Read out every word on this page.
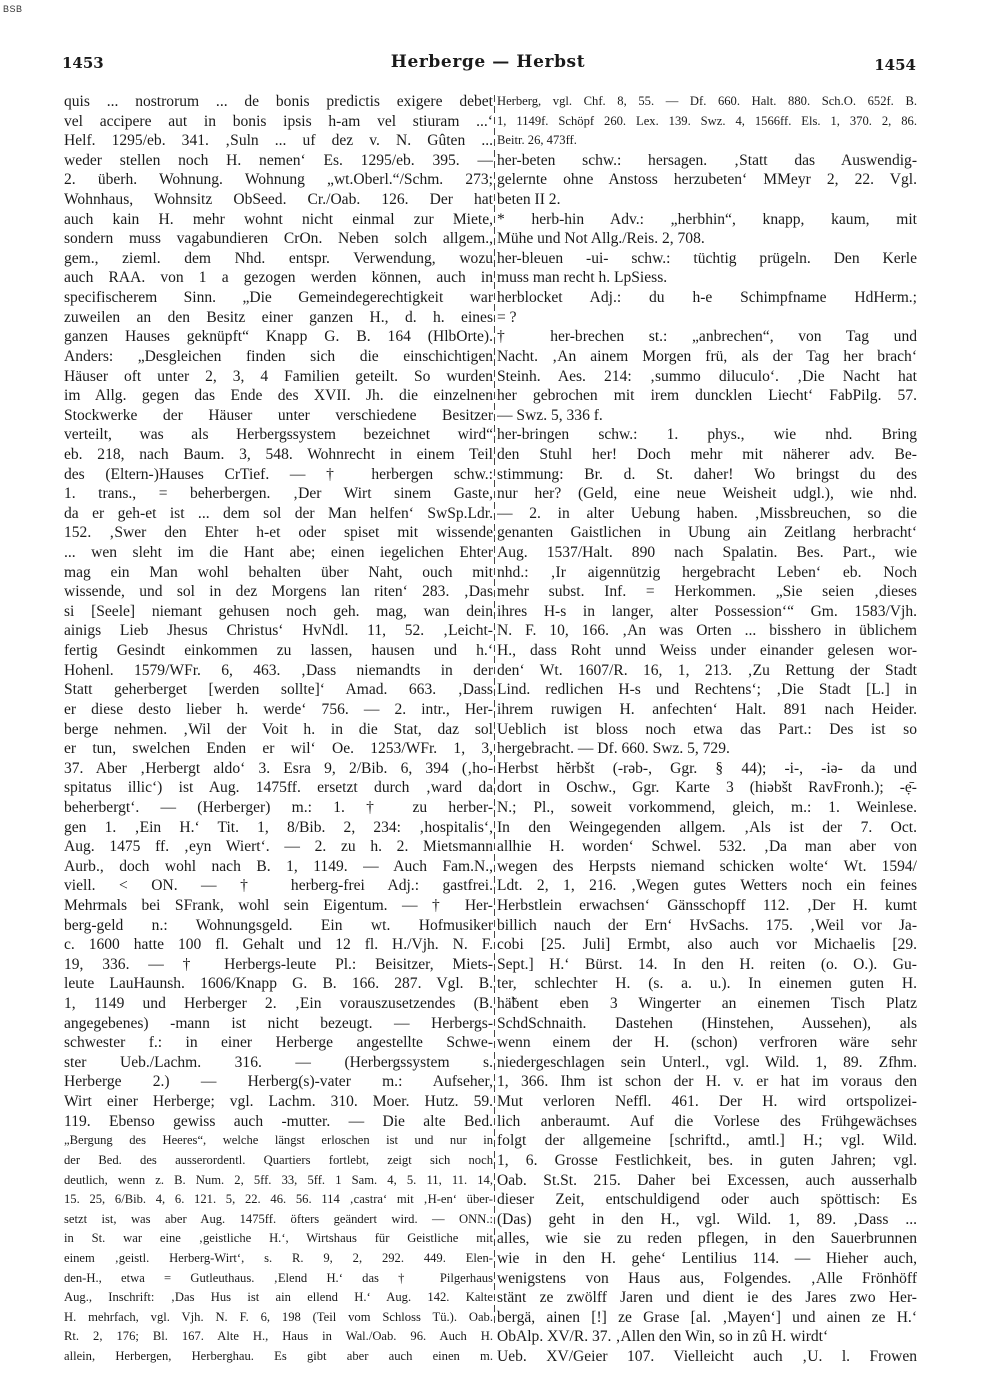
BSB
1453	Herberge — Herbst	1454
quis ... nostrorum ... de bonis predictis exigere debet
vel accipere aut in bonis ipsis h-am vel stiuram ...‘
Helf. 1295/eb. 341. ‚Suln ... uf dez v. N. Gûten ...
weder stellen noch H. nemen‘ Es. 1295/eb. 395. —
2. überh. Wohnung. Wohnung „wt.Oberl.“/Schm. 273;
Wohnhaus, Wohnsitz ObSeed. Cr./Oab. 126. Der hat
auch kain H. mehr wohnt nicht einmal zur Miete,
sondern muss vagabundieren CrOn. Neben solch allgem.,
gem., zieml. dem Nhd. entspr. Verwendung, wozu
auch RAA. von 1 a gezogen werden können, auch in
specifischerem Sinn. „Die Gemeindegerechtigkeit war
zuweilen an den Besitz einer ganzen H., d. h. eines
ganzen Hauses geknüpft“ Knapp G. B. 164 (HlbOrte).
Anders: „Desgleichen finden sich die einschichtigen
Häuser oft unter 2, 3, 4 Familien geteilt. So wurden
im Allg. gegen das Ende des XVII. Jh. die einzelnen
Stockwerke der Häuser unter verschiedene Besitzer
verteilt, was als Herbergssystem bezeichnet wird“
eb. 218, nach Baum. 3, 548. Wohnrecht in einem Teil
des (Eltern-)Hauses CrTief. — † herbergen schw.:
1. trans., = beherbergen. ‚Der Wirt sinem Gaste,
da er geh-et ist ... dem sol der Man helfen‘ SwSp.Ldr.
152. ‚Swer den Ehter h-et oder spiset mit wissende
... wen sleht im die Hant abe; einen iegelichen Ehter
mag ein Man wohl behalten über Naht, ouch mit
wissende, und sol in dez Morgens lan riten‘ 283. ‚Das
si [Seele] niemant gehusen noch geh. mag, wan dein
ainigs Lieb Jhesus Christus‘ HvNdl. 11, 52. ‚Leicht-
fertig Gesindt einkommen zu lassen, hausen und h.‘
Hohenl. 1579/WFr. 6, 463. ‚Dass niemandts in der
Statt geherberget [werden sollte]‘ Amad. 663. ‚Dass
er diese desto lieber h. werde‘ 756. — 2. intr., Her-
berge nehmen. ‚Wil der Voit h. in die Stat, daz sol
er tun, swelchen Enden er wil‘ Oe. 1253/WFr. 1, 3,
37. Aber ‚Herbergt aldo‘ 3. Esra 9, 2/Bib. 6, 394 (‚ho-
spitatus illic‘) ist Aug. 1475ff. ersetzt durch ‚ward da
beherbergt‘. — (Herberger) m.: 1. † zu herber-
gen 1. ‚Ein H.‘ Tit. 1, 8/Bib. 2, 234: ‚hospitalis‘,
Aug. 1475 ff. ‚eyn Wiert‘. — 2. zu h. 2. Mietsmann
Aurb., doch wohl nach B. 1, 1149. — Auch Fam.N.,
viell. < ON. — † herberg-frei Adj.: gastfrei.
Mehrmals bei SFrank, wohl sein Eigentum. — † Her-
berg-geld n.: Wohnungsgeld. Ein wt. Hofmusiker
c. 1600 hatte 100 fl. Gehalt und 12 fl. H./Vjh. N. F.
19, 336. — † Herbergs-leute Pl.: Beisitzer, Miets-
leute LauHaunsh. 1606/Knapp G. B. 166. 287. Vgl. B.
1, 1149 und Herberger 2. ‚Ein vorauszusetzendes (B.
angegebenes) -mann ist nicht bezeugt. — Herbergs-
schwester f.: in einer Herberge angestellte Schwe-
ster Ueb./Lachm. 316. — (Herbergssystem s.
Herberge 2.) — Herberg(s)-vater m.: Aufseher,
Wirt einer Herberge; vgl. Lachm. 310. Moer. Hutz. 59.
119. Ebenso gewiss auch -mutter. — Die alte Bed.
„Bergung des Heeres“, welche längst erloschen ist und nur in
der Bed. des ausserordentl. Quartiers fortlebt, zeigt sich noch
deutlich, wenn z. B. Num. 2, 5ff. 33, 5ff. 1 Sam. 4, 5. 11, 11. 14,
15. 25, 6/Bib. 4, 6. 121. 5, 22. 46. 56. 114 ‚castra‘ mit ‚H-en‘ über-
setzt ist, was aber Aug. 1475ff. öfters geändert wird. — ONN.:
in St. war eine ‚geistliche H.‘, Wirtshaus für Geistliche mit
einem ‚geistl. Herberg-Wirt‘, s. R. 9, 2, 292. 449. Elen-
den-H., etwa = Gutleuthaus. ‚Elend H.‘ das † Pilgerhaus
Aug., Inschrift: ‚Das Hus ist ain ellend H.‘ Aug. 142. Kalte
H. mehrfach, vgl. Vjh. N. F. 6, 198 (Teil vom Schloss Tü.). Oab.
Rt. 2, 176; Bl. 167. Alte H., Haus in Wal./Oab. 96. Auch H.
allein, Herbergen, Herberghau. Es gibt aber auch einen m.
Herberg, vgl. Chf. 8, 55. — Df. 660. Halt. 880. Sch.O. 652f. B.
1, 1149f. Schöpf 260. Lex. 139. Swz. 4, 1566ff. Els. 1, 370. 2, 86.
Beitr. 26, 473ff.
her-beten schw.: hersagen. ‚Statt das Auswendig-
gelernte ohne Anstoss herzubeten‘ MMeyr 2, 22. Vgl.
beten II 2.
* herb-hin Adv.: „herbhin“, knapp, kaum, mit
Mühe und Not Allg./Reis. 2, 708.
her-bleuen -ui- schw.: tüchtig prügeln. Den Kerle
muss man recht h. LpSiess.
herblocket Adj.: du h-e Schimpfname HdHerm.;
= ?
† her-brechen st.: „anbrechen“, von Tag und
Nacht. ‚An ainem Morgen frü, als der Tag her brach‘
Steinh. Aes. 214: ‚summo diluculo‘. ‚Die Nacht hat
her gebrochen mit irem duncklen Liecht‘ FabPilg. 57.
— Swz. 5, 336 f.
her-bringen schw.: 1. phys., wie nhd. Bring
den Stuhl her! Doch mehr mit näherer adv. Be-
stimmung: Br. d. St. daher! Wo bringst du des
nur her? (Geld, eine neue Weisheit udgl.), wie nhd.
— 2. in alter Uebung haben. ‚Missbreuchen, so die
genanten Gaistlichen in Ubung ain Zeitlang herbracht‘
Aug. 1537/Halt. 890 nach Spalatin. Bes. Part., wie
nhd.: ‚Ir aigennützig hergebracht Leben‘ eb. Noch
mehr subst. Inf. = Herkommen. „Sie seien ‚dieses
ihres H-s in langer, alter Possession‘“ Gm. 1583/Vjh.
N. F. 10, 166. ‚An was Orten ... bisshero in üblichem
H., dass Roht unnd Weiss under einander gelesen wor-
den‘ Wt. 1607/R. 16, 1, 213. ‚Zu Rettung der Stadt
Lind. redlichen H-s und Rechtens‘; ‚Die Stadt [L.] in
ihrem ruwigen H. anfechten‘ Halt. 891 nach Heider.
Ueblich ist bloss noch etwa das Part.: Des ist so
hergebracht. — Df. 660. Swz. 5, 729.
Herbst hĕrbšt (-rəb-, Ggr. § 44); -i-, -iə- da und
dort in Oschw., Ggr. Karte 3 (hiəbšt RavFronh.); -ẹ̄-
N.; Pl., soweit vorkommend, gleich, m.: 1. Weinlese.
In den Weingegenden allgem. ‚Als ist der 7. Oct.
allhie H. worden‘ Schwel. 532. ‚Da man aber von
wegen des Herpsts niemand schicken wolte‘ Wt. 1594/
Ldt. 2, 1, 216. ‚Wegen gutes Wetters noch ein feines
Herbstlein erwachsen‘ Gänsschopff 112. ‚Der H. kumt
billich nauch der Ern‘ HvSachs. 175. ‚Weil vor Ja-
cobi [25. Juli] Ermbt, also auch vor Michaelis [29.
Sept.] H.‘ Bürst. 14. In den H. reiten (o. O.). Gu-
ter, schlechter H. (s. a. u.). In einemen guten H.
hä̃bent eben 3 Wingerter an einemen Tisch Platz
SchdSchnaith. Dastehen (Hinstehen, Aussehen), als
wenn einem der H. (schon) verfroren wäre sehr
niedergeschlagen sein Unterl., vgl. Wild. 1, 89. Zfhm.
1, 366. Ihm ist schon der H. v. er hat im voraus den
Mut verloren Neffl. 461. Der H. wird ortspolizei-
lich anberaumt. Auf die Vorlese des Frühgewächses
folgt der allgemeine [schriftd., amtl.] H.; vgl. Wild.
1, 6. Grosse Festlichkeit, bes. in guten Jahren; vgl.
Oab. St.St. 215. Daher bei Excessen, auch ausserhalb
dieser Zeit, entschuldigend oder auch spöttisch: Es
(Das) geht in den H., vgl. Wild. 1, 89. ‚Dass ...
alles, wie sie zu reden pflegen, in den Sauerbrunnen
wie in den H. gehe‘ Lentilius 114. — Hieher auch,
wenigstens von Haus aus, Folgendes. ‚Alle Frönhöff
stänt ze zwölff Jaren und dient ie des Jares zwo Her-
bergä, ainen [!] ze Grase [al. ‚Mayen‘] und ainen ze H.‘
ObAlp. XV/R. 37. ‚Allen den Win, so in zû H. wirdt‘
Ueb. XV/Geier 107. Vielleicht auch ‚U. l. Frowen
